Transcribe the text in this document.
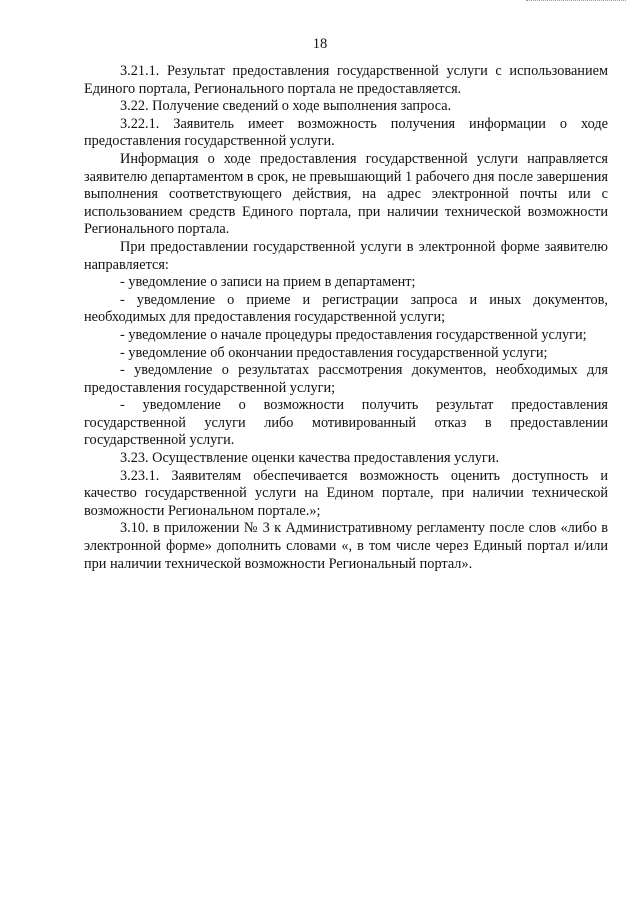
18

3.21.1. Результат предоставления государственной услуги с использованием Единого портала, Регионального портала не предоставляется.

3.22. Получение сведений о ходе выполнения запроса.

3.22.1. Заявитель имеет возможность получения информации о ходе предоставления государственной услуги.

Информация о ходе предоставления государственной услуги направляется заявителю департаментом в срок, не превышающий 1 рабочего дня после завершения выполнения соответствующего действия, на адрес электронной почты или с использованием средств Единого портала, при наличии технической возможности Регионального портала.

При предоставлении государственной услуги в электронной форме заявителю направляется:

- уведомление о записи на прием в департамент;

- уведомление о приеме и регистрации запроса и иных документов, необходимых для предоставления государственной услуги;

- уведомление о начале процедуры предоставления государственной услуги;

- уведомление об окончании предоставления государственной услуги;

- уведомление о результатах рассмотрения документов, необходимых для предоставления государственной услуги;

- уведомление о возможности получить результат предоставления государственной услуги либо мотивированный отказ в предоставлении государственной услуги.

3.23. Осуществление оценки качества предоставления услуги.

3.23.1. Заявителям обеспечивается возможность оценить доступность и качество государственной услуги на Едином портале, при наличии технической возможности Региональном портале.»;

3.10. в приложении № 3 к Административному регламенту после слов «либо в электронной форме» дополнить словами «, в том числе через Единый портал и/или при наличии технической возможности Региональный портал».
